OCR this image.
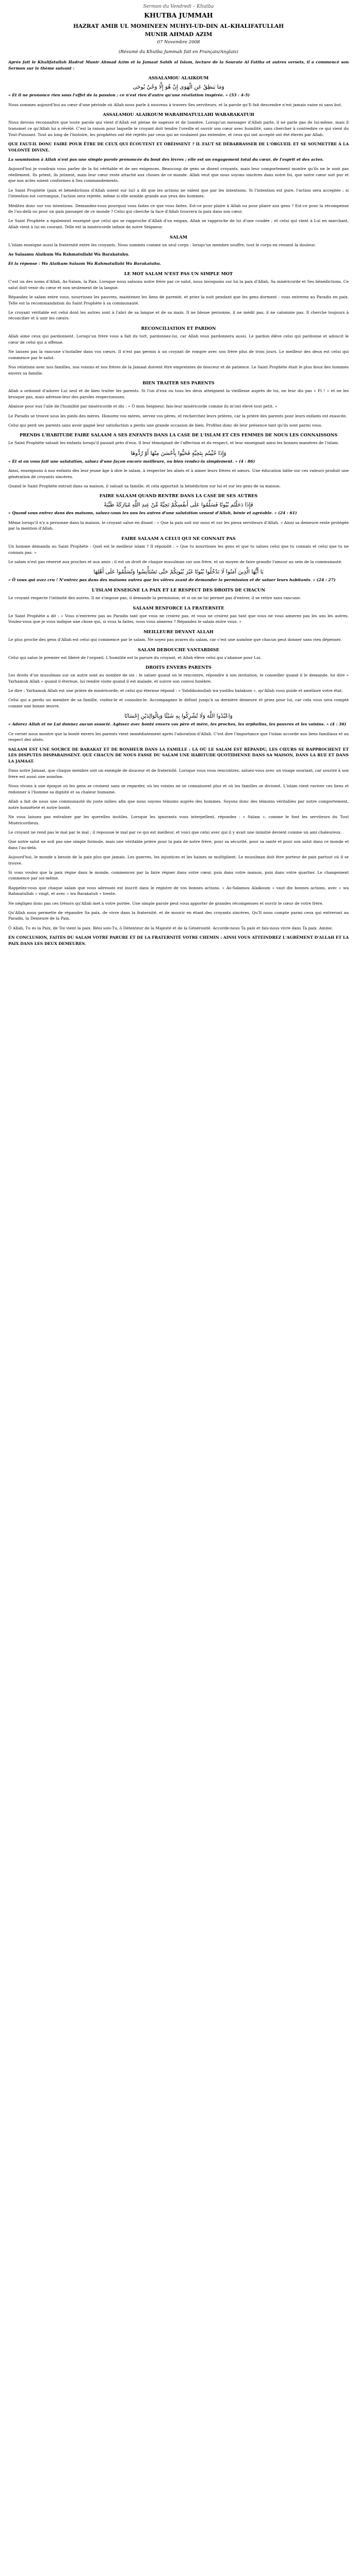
Sermon du Vendredi – Khutba
KHUTBA JUMMAH
HAZRAT AMIR UL MOMINEEN MUHYI-UD-DIN AL-KHALIFATULLAH
MUNIR AHMAD AZIM
07 Novembre 2008
(Résumé du Khutba Jummah fait en Français/Anglais)
Après fait le Khalifatullah Hadrat Munir Ahmad Azim et la Jamaat Sahih al Islam, lecture de la Sourate Al Fatiha et autres versets, il a commencé son Sermon sur le thème suivant :
ASSALAMOU ALAIKOUM
وَمَا يَنطِقُ عَنِ الْهَوَى إِنْ هُوَ إِلَّا وَحْيٌ يُوحَى
« Et il ne prononce rien sous l'effet de la passion ; ce n'est rien d'autre qu'une révélation inspirée. » (53 : 4-5)
Nous sommes aujourd'hui au cœur d'une période où Allah nous parle à nouveau à travers Ses serviteurs, et la parole qu'Il fait descendre n'est jamais vaine ni sans but.
ASSALAMOU ALAIKOUM WARAHMATULLAHI WABARAKATUH
Nous devons reconnaître que toute parole qui vient d'Allah est pleine de sagesse et de lumière. Lorsqu'un messager d'Allah parle, il ne parle pas de lui-même, mais il transmet ce qu'Allah lui a révélé. C'est la raison pour laquelle le croyant doit tendre l'oreille et ouvrir son cœur avec humilité, sans chercher à contredire ce qui vient du Tout-Puissant. Tout au long de l'histoire, les prophètes ont été rejetés par ceux qui ne voulaient pas entendre, et ceux qui ont accepté ont été élevés par Allah.
QUE FAUT-IL DONC FAIRE POUR ÊTRE DE CEUX QUI ÉCOUTENT ET OBÉISSENT ? IL FAUT SE DÉBARRASSER DE L'ORGUEIL ET SE SOUMETTRE À LA VOLONTÉ DIVINE.
La soumission à Allah n'est pas une simple parole prononcée du bout des lèvres ; elle est un engagement total du cœur, de l'esprit et des actes.
Aujourd'hui je voudrais vous parler de la foi véritable et de ses exigences. Beaucoup de gens se disent croyants, mais leur comportement montre qu'ils ne le sont pas réellement. Ils prient, ils jeûnent, mais leur cœur reste attaché aux choses de ce monde. Allah veut que nous soyons sincères dans notre foi, que notre cœur soit pur et que nos actes soient conformes à Ses commandements.
Le Saint Prophète (paix et bénédictions d'Allah soient sur lui) a dit que les actions ne valent que par les intentions. Si l'intention est pure, l'action sera acceptée ; si l'intention est corrompue, l'action sera rejetée, même si elle semble grande aux yeux des hommes.
Méditez donc sur vos intentions. Demandez-vous pourquoi vous faites ce que vous faites. Est-ce pour plaire à Allah ou pour plaire aux gens ? Est-ce pour la récompense de l'au-delà ou pour un gain passager de ce monde ? Celui qui cherche la face d'Allah trouvera la paix dans son cœur.
Le Saint Prophète a également enseigné que celui qui se rapproche d'Allah d'un empan, Allah se rapproche de lui d'une coudée ; et celui qui vient à Lui en marchant, Allah vient à lui en courant. Telle est la miséricorde infinie de notre Seigneur.
SALAM
L'islam enseigne aussi la fraternité entre les croyants. Nous sommes comme un seul corps : lorsqu'un membre souffre, tout le corps en ressent la douleur.
As Salaamu Alaikum Wa Rahmatullahi Wa Barakatuhu.
Et la réponse : Wa Alaikum Salaam Wa Rahmatullahi Wa Barakatuhu.
LE MOT SALAM N'EST PAS UN SIMPLE MOT
C'est un des noms d'Allah, As-Salam, la Paix. Lorsque nous saluons notre frère par ce salut, nous invoquons sur lui la paix d'Allah, Sa miséricorde et Ses bénédictions. Ce salut doit venir du cœur et non seulement de la langue.
Répandez le salam entre vous, nourrissez les pauvres, maintenez les liens de parenté, et priez la nuit pendant que les gens dorment : vous entrerez au Paradis en paix. Telle est la recommandation du Saint Prophète à sa communauté.
Le croyant véritable est celui dont les autres sont à l'abri de sa langue et de sa main. Il ne blesse personne, il ne médit pas, il ne calomnie pas. Il cherche toujours à réconcilier et à unir les cœurs.
RECONCILIATION ET PARDON
Allah aime ceux qui pardonnent. Lorsqu'un frère vous a fait du tort, pardonnez-lui, car Allah vous pardonnera aussi. Le pardon élève celui qui pardonne et adoucit le cœur de celui qui a offensé.
Ne laissez pas la rancune s'installer dans vos cœurs. Il n'est pas permis à un croyant de rompre avec son frère plus de trois jours. Le meilleur des deux est celui qui commence par le salut.
Nos relations avec nos familles, nos voisins et nos frères de la Jamaat doivent être empreintes de douceur et de patience. Le Saint Prophète était le plus doux des hommes envers sa famille.
BIEN TRAITER SES PARENTS
Allah a ordonné d'adorer Lui seul et de bien traiter les parents. Si l'un d'eux ou tous les deux atteignent la vieillesse auprès de toi, ne leur dis pas « Fi ! » et ne les brusque pas, mais adresse-leur des paroles respectueuses.
Abaisse pour eux l'aile de l'humilité par miséricorde et dis : « Ô mon Seigneur, fais-leur miséricorde comme ils m'ont élevé tout petit. »
Le Paradis se trouve sous les pieds des mères. Honorez vos mères, servez vos pères, et recherchez leurs prières, car la prière des parents pour leurs enfants est exaucée.
Celui qui perd ses parents sans avoir gagné leur satisfaction a perdu une grande occasion de bien. Profitez donc de leur présence tant qu'ils sont parmi vous.
PRENDS L'HABITUDE FAIRE SALAAM A SES ENFANTS DANS LA CASE DE L'ISLAM ET CES FEMMES DE NOUS LES CONNAISSONS
Le Saint Prophète saluait les enfants lorsqu'il passait près d'eux. Il leur témoignait de l'affection et du respect, et leur enseignait ainsi les bonnes manières de l'islam.
وَإِذَا حُيِّيتُم بِتَحِيَّةٍ فَحَيُّوا بِأَحْسَنَ مِنْهَا أَوْ رُدُّوهَا
« Et si on vous fait une salutation, saluez d'une façon encore meilleure, ou bien rendez-la simplement. » (4 : 86)
Ainsi, enseignons à nos enfants dès leur jeune âge à dire le salam, à respecter les aînés et à aimer leurs frères et sœurs. Une éducation bâtie sur ces valeurs produit une génération de croyants sincères.
Quand le Saint Prophète entrait dans sa maison, il saluait sa famille, et cela apportait la bénédiction sur lui et sur les gens de sa maison.
FAIRE SALAAM QUAND RENTRE DANS LA CASE DE SES AUTRES
فَإِذَا دَخَلْتُم بُيُوتًا فَسَلِّمُوا عَلَى أَنفُسِكُمْ تَحِيَّةً مِّنْ عِندِ اللَّهِ مُبَارَكَةً طَيِّبَةً
« Quand vous entrez dans des maisons, saluez-vous les uns les autres d'une salutation venant d'Allah, bénie et agréable. » (24 : 61)
Même lorsqu'il n'y a personne dans la maison, le croyant salue en disant : « Que la paix soit sur nous et sur les pieux serviteurs d'Allah. » Ainsi sa demeure reste protégée par la mention d'Allah.
FAIRE SALAAM A CELUI QUI NE CONNAIT PAS
Un homme demanda au Saint Prophète : Quel est le meilleur islam ? Il répondit : « Que tu nourrisses les gens et que tu salues celui que tu connais et celui que tu ne connais pas. »
Le salam n'est pas réservé aux proches et aux amis ; il est un droit de chaque musulman sur son frère, et un moyen de faire grandir l'amour au sein de la communauté.
يَا أَيُّهَا الَّذِينَ آمَنُوا لَا تَدْخُلُوا بُيُوتًا غَيْرَ بُيُوتِكُمْ حَتَّى تَسْتَأْنِسُوا وَتُسَلِّمُوا عَلَى أَهْلِهَا
« Ô vous qui avez cru ! N'entrez pas dans des maisons autres que les vôtres avant de demander la permission et de saluer leurs habitants. » (24 : 27)
L'ISLAM ENSEIGNE LA PAIX ET LE RESPECT DES DROITS DE CHACUN
Le croyant respecte l'intimité des autres. Il ne s'impose pas, il demande la permission, et si on ne lui permet pas d'entrer, il se retire sans rancune.
SALAAM RENFORCE LA FRATERNITE
Le Saint Prophète a dit : « Vous n'entrerez pas au Paradis tant que vous ne croirez pas, et vous ne croirez pas tant que vous ne vous aimerez pas les uns les autres. Voulez-vous que je vous indique une chose qui, si vous la faites, vous vous aimerez ? Répandez le salam entre vous. »
MEILLEURE DEVANT ALLAH
Le plus proche des gens d'Allah est celui qui commence par le salam. Ne soyez pas avares du salam, car c'est une aumône que chacun peut donner sans rien dépenser.
SALAM DEBOUCHE VANTARDISE
Celui qui salue le premier est libéré de l'orgueil. L'humilité est la parure du croyant, et Allah élève celui qui s'abaisse pour Lui.
DROITS ENVERS PARENTS
Les droits d'un musulman sur un autre sont au nombre de six : le saluer quand on le rencontre, répondre à son invitation, le conseiller quand il le demande, lui dire « Yarhamuk Allah » quand il éternue, lui rendre visite quand il est malade, et suivre son convoi funèbre.
Le dire : Yarhamuk Allah est une prière de miséricorde, et celui qui éternue répond : « Yahdikumullah wa yuslihu balakum », qu'Allah vous guide et améliore votre état.
Celui qui a perdu un membre de sa famille, visitez-le et consolez-le. Accompagnez le défunt jusqu'à sa dernière demeure et priez pour lui, car cela vous sera compté comme une bonne œuvre.
وَاعْبُدُوا اللَّهَ وَلَا تُشْرِكُوا بِهِ شَيْئًا وَبِالْوَالِدَيْنِ إِحْسَانًا
« Adorez Allah et ne Lui donnez aucun associé. Agissez avec bonté envers vos père et mère, les proches, les orphelins, les pauvres et les voisins. » (4 : 36)
Ce verset nous montre que la bonté envers les parents vient immédiatement après l'adoration d'Allah. C'est dire l'importance que l'islam accorde aux liens familiaux et au respect des aînés.
SALAAM EST UNE SOURCE DE BARAKAT ET DE BONHEUR DANS LA FAMILLE ; LÀ OÙ LE SALAM EST RÉPANDU, LES CŒURS SE RAPPROCHENT ET LES DISPUTES DISPARAISSENT. QUE CHACUN DE NOUS FASSE DU SALAM UNE HABITUDE QUOTIDIENNE DANS SA MAISON, DANS LA RUE ET DANS LA JAMAAT.
Dans notre Jamaat, que chaque membre soit un exemple de douceur et de fraternité. Lorsque vous vous rencontrez, saluez-vous avec un visage souriant, car sourire à son frère est aussi une aumône.
Nous vivons à une époque où les gens se croisent sans se regarder, où les voisins ne se connaissent plus et où les familles se divisent. L'islam vient raviver ces liens et redonner à l'homme sa dignité et sa chaleur humaine.
Allah a fait de nous une communauté du juste milieu afin que nous soyons témoins auprès des hommes. Soyons donc des témoins véritables par notre comportement, notre honnêteté et notre bonté.
Ne vous laissez pas entraîner par les querelles inutiles. Lorsque les ignorants vous interpellent, répondez : « Salam », comme le font les serviteurs du Tout Miséricordieux.
Le croyant ne rend pas le mal par le mal ; il repousse le mal par ce qui est meilleur, et voici que celui avec qui il y avait une inimitié devient comme un ami chaleureux.
Que notre salut ne soit pas une simple formule, mais une véritable prière pour la paix de notre frère, pour sa sécurité, pour sa santé et pour son salut dans ce monde et dans l'au-delà.
Aujourd'hui, le monde a besoin de la paix plus que jamais. Les guerres, les injustices et les haines se multiplient. Le musulman doit être porteur de paix partout où il se trouve.
Si vous voulez que la paix règne dans le monde, commencez par la faire régner dans votre cœur, puis dans votre maison, puis dans votre quartier. Le changement commence par soi-même.
Rappelez-vous que chaque salam que vous adressez est inscrit dans le registre de vos bonnes actions. « As-Salamou Alaikoum » vaut dix bonnes actions, avec « wa Rahmatullah » vingt, et avec « wa Barakatuh » trente.
Ne négligez donc pas ces trésors qu'Allah met à votre portée. Une simple parole peut vous apporter de grandes récompenses et ouvrir le cœur de votre frère.
Qu'Allah nous permette de répandre Sa paix, de vivre dans la fraternité, et de mourir en étant des croyants sincères. Qu'Il nous compte parmi ceux qui entreront au Paradis, la Demeure de la Paix.
Ô Allah, Tu es la Paix, de Toi vient la paix. Béni sois-Tu, ô Détenteur de la Majesté et de la Générosité. Accorde-nous Ta paix et fais-nous vivre dans Ta paix. Amine.
EN CONCLUSION, FAITES DU SALAM VOTRE PARURE ET DE LA FRATERNITÉ VOTRE CHEMIN ; AINSI VOUS ATTEINDREZ L'AGRÉMENT D'ALLAH ET LA PAIX DANS LES DEUX DEMEURES.
